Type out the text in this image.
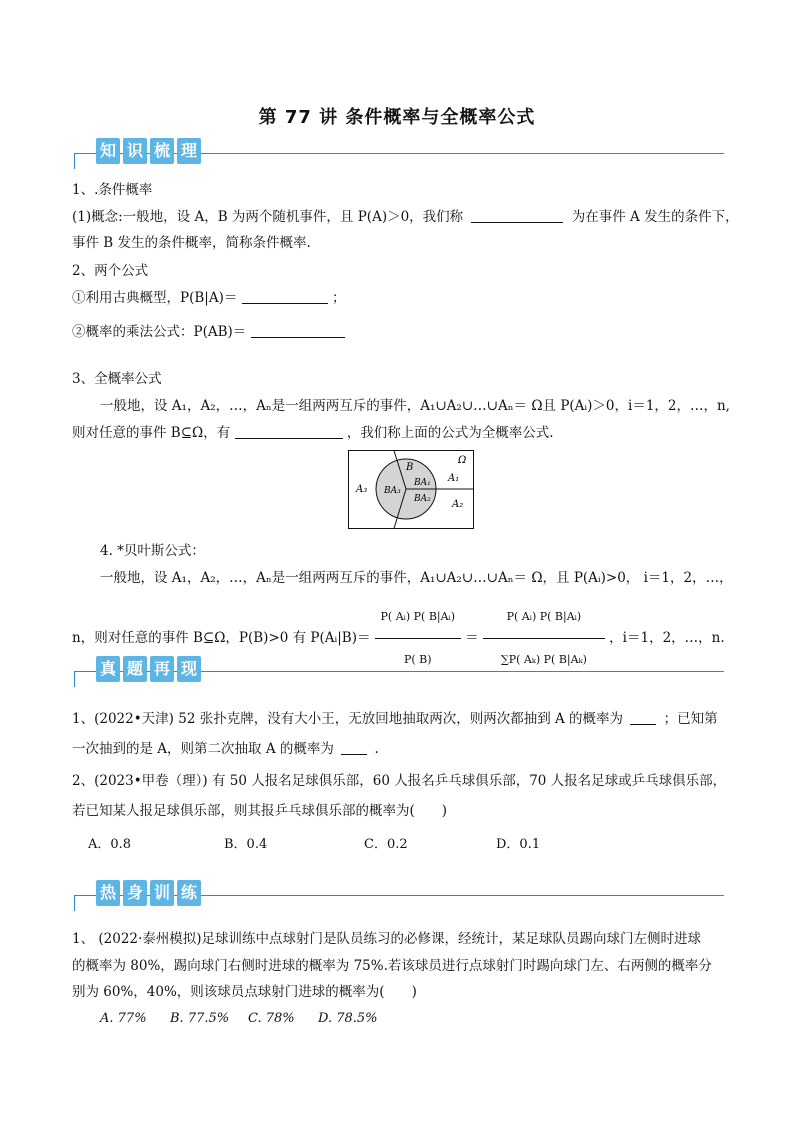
第 77 讲 条件概率与全概率公式
知 识 梳 理
1、.条件概率
(1)概念:一般地，设 A，B 为两个随机事件，且 P(A)＞0，我们称	为在事件 A 发生的条件下，
事件 B 发生的条件概率，简称条件概率.
2、两个公式
①利用古典概型，P(B|A)＝	；
②概率的乘法公式：P(AB)＝
3、全概率公式
一般地，设 A₁，A₂，…，Aₙ是一组两两互斥的事件，A₁∪A₂∪…∪Aₙ＝ Ω且 P(Aᵢ)＞0，i＝1，2，…，n,
则对任意的事件 B⊆Ω，有	，我们称上面的公式为全概率公式.
Ω
A₃
A₁
A₂
B
BA₁
BA₂
BA₃
4. *贝叶斯公式：
一般地，设 A₁，A₂，…，Aₙ是一组两两互斥的事件，A₁∪A₂∪…∪Aₙ＝ Ω，且 P(Aᵢ)>0， i＝1，2，…，
n，则对任意的事件 B⊆Ω，P(B)>0 有 P(Aᵢ|B)＝ $\frac{\text{P( Aᵢ) P( B|Aᵢ)}}{P( B)} = \frac{\text{P( Aᵢ) P( B|Aᵢ)}}{\text{∑P( Aₖ) P( B|Aₖ)}}$ ，i＝1，2，…，n.
真 题 再 现
1、(2022•天津) 52 张扑克牌，没有大小王，无放回地抽取两次，则两次都抽到 A 的概率为	；已知第
一次抽到的是 A，则第二次抽取 A 的概率为	.
2、(2023•甲卷（理）) 有 50 人报名足球俱乐部，60 人报名乒乓球俱乐部，70 人报名足球或乒乓球俱乐部，
若已知某人报足球俱乐部，则其报乒乓球俱乐部的概率为(　　)
A．0.8	B．0.4	C．0.2	D．0.1
热 身 训 练
1、 (2022·泰州模拟)足球训练中点球射门是队员练习的必修课，经统计，某足球队员踢向球门左侧时进球
的概率为 80%，踢向球门右侧时进球的概率为 75%.若该球员进行点球射门时踢向球门左、右两侧的概率分
别为 60%，40%，则该球员点球射门进球的概率为(　　)
A. 77% B. 77.5% C. 78% D. 78.5%
